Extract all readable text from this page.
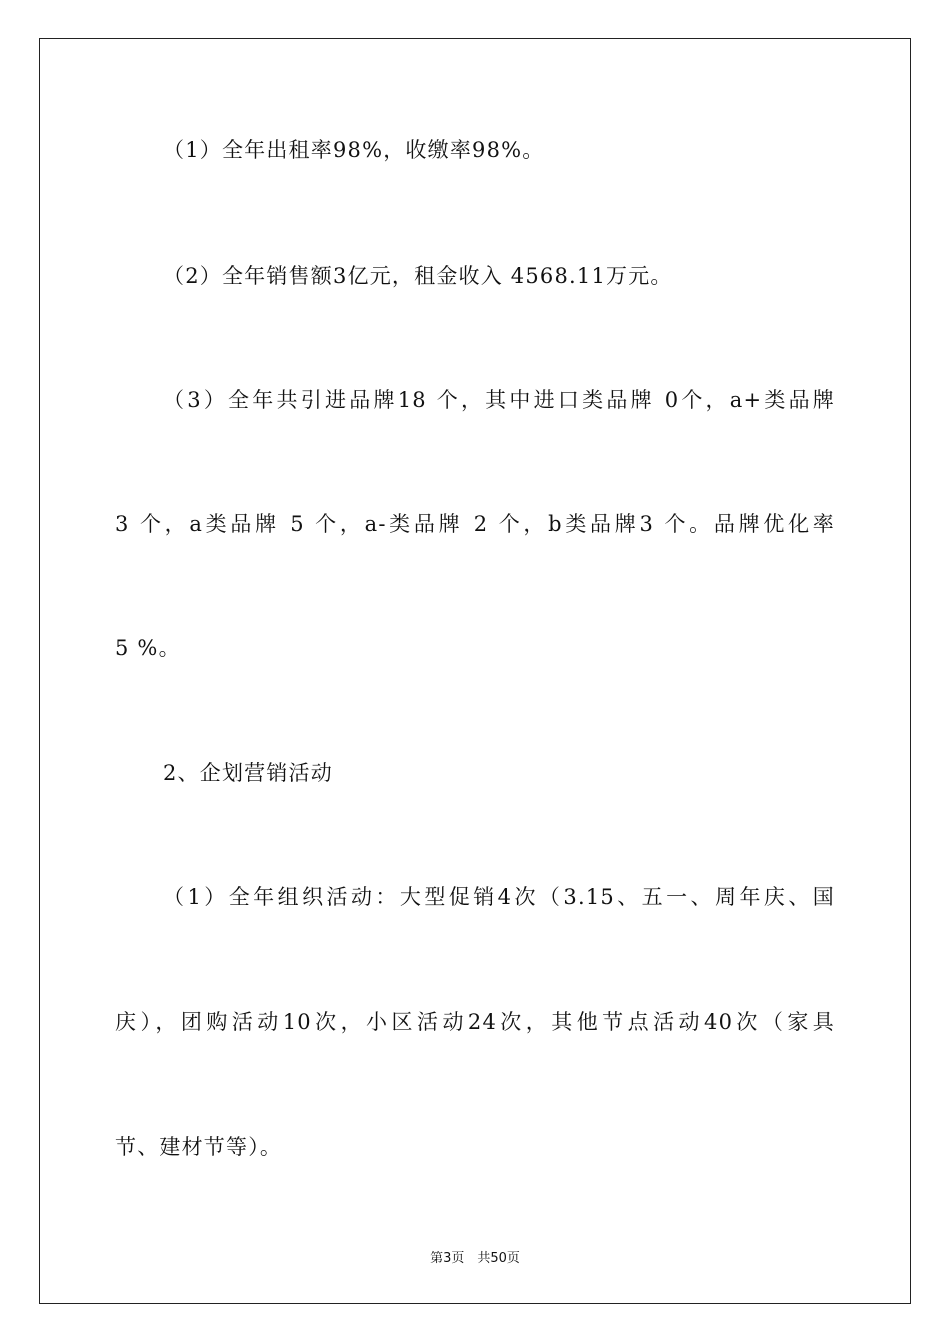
（1）全年出租率98%，收缴率98%。
（2）全年销售额3亿元，租金收入 4568.11万元。
（3）全年共引进品牌18 个，其中进口类品牌 0个，a+类品牌
3 个，a类品牌 5 个，a-类品牌 2 个，b类品牌3 个。品牌优化率
5 %。
2、企划营销活动
（1）全年组织活动：大型促销4次（3.15、五一、周年庆、国
庆），团购活动10次，小区活动24次，其他节点活动40次（家具
节、建材节等）。
第3页　共50页
